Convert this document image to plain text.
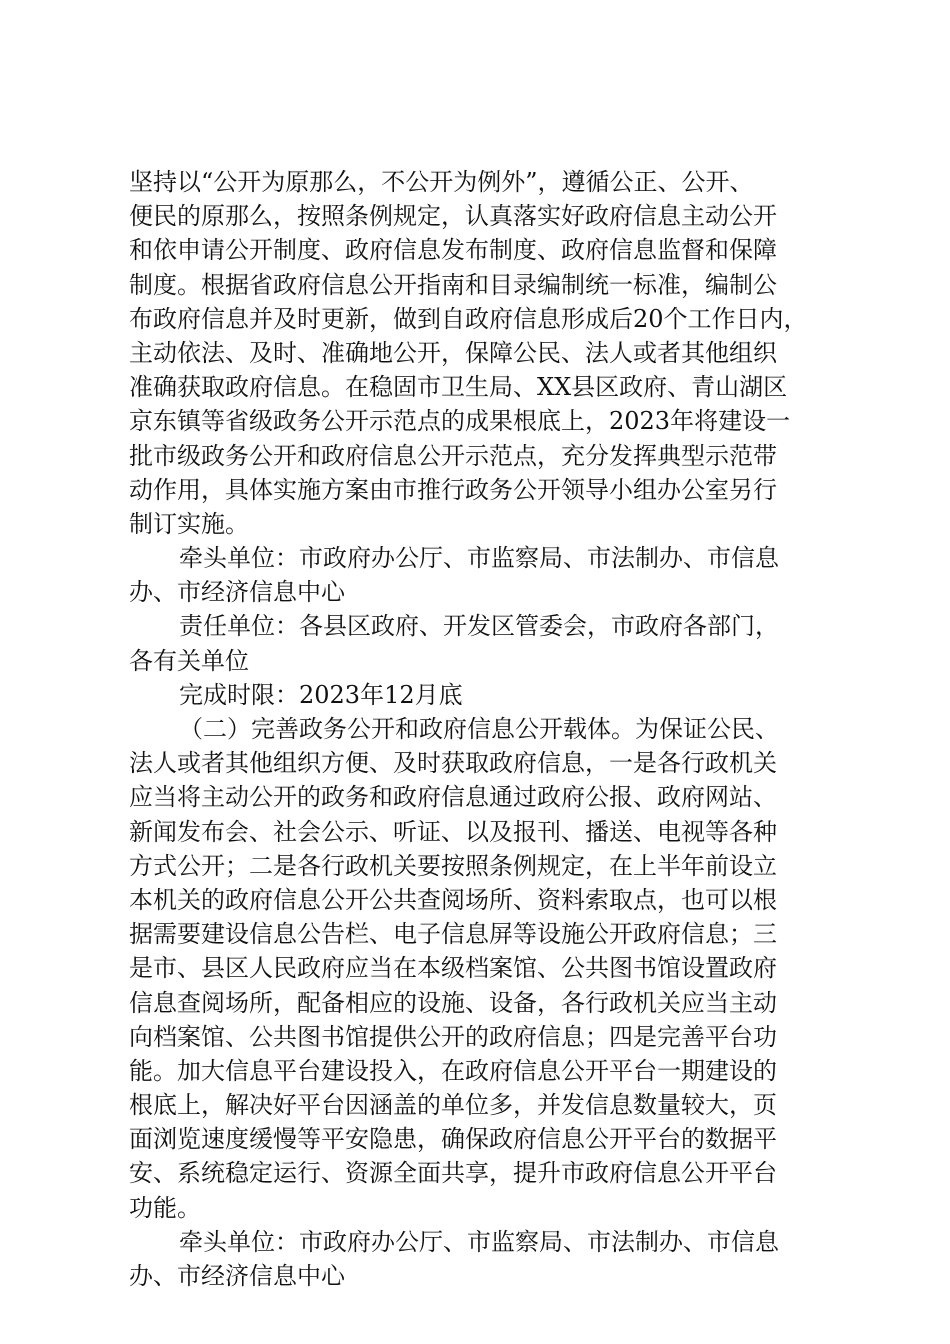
坚持以“公开为原那么，不公开为例外”，遵循公正、公开、
便民的原那么，按照条例规定，认真落实好政府信息主动公开
和依申请公开制度、政府信息发布制度、政府信息监督和保障
制度。根据省政府信息公开指南和目录编制统一标准，编制公
布政府信息并及时更新，做到自政府信息形成后20个工作日内，
主动依法、及时、准确地公开，保障公民、法人或者其他组织
准确获取政府信息。在稳固市卫生局、XX县区政府、青山湖区
京东镇等省级政务公开示范点的成果根底上，2023年将建设一
批市级政务公开和政府信息公开示范点，充分发挥典型示范带
动作用，具体实施方案由市推行政务公开领导小组办公室另行
制订实施。
牵头单位：市政府办公厅、市监察局、市法制办、市信息
办、市经济信息中心
责任单位：各县区政府、开发区管委会，市政府各部门，
各有关单位
完成时限：2023年12月底
（二）完善政务公开和政府信息公开载体。为保证公民、
法人或者其他组织方便、及时获取政府信息，一是各行政机关
应当将主动公开的政务和政府信息通过政府公报、政府网站、
新闻发布会、社会公示、听证、以及报刊、播送、电视等各种
方式公开；二是各行政机关要按照条例规定，在上半年前设立
本机关的政府信息公开公共查阅场所、资料索取点，也可以根
据需要建设信息公告栏、电子信息屏等设施公开政府信息；三
是市、县区人民政府应当在本级档案馆、公共图书馆设置政府
信息查阅场所，配备相应的设施、设备，各行政机关应当主动
向档案馆、公共图书馆提供公开的政府信息；四是完善平台功
能。加大信息平台建设投入，在政府信息公开平台一期建设的
根底上，解决好平台因涵盖的单位多，并发信息数量较大，页
面浏览速度缓慢等平安隐患，确保政府信息公开平台的数据平
安、系统稳定运行、资源全面共享，提升市政府信息公开平台
功能。
牵头单位：市政府办公厅、市监察局、市法制办、市信息
办、市经济信息中心
